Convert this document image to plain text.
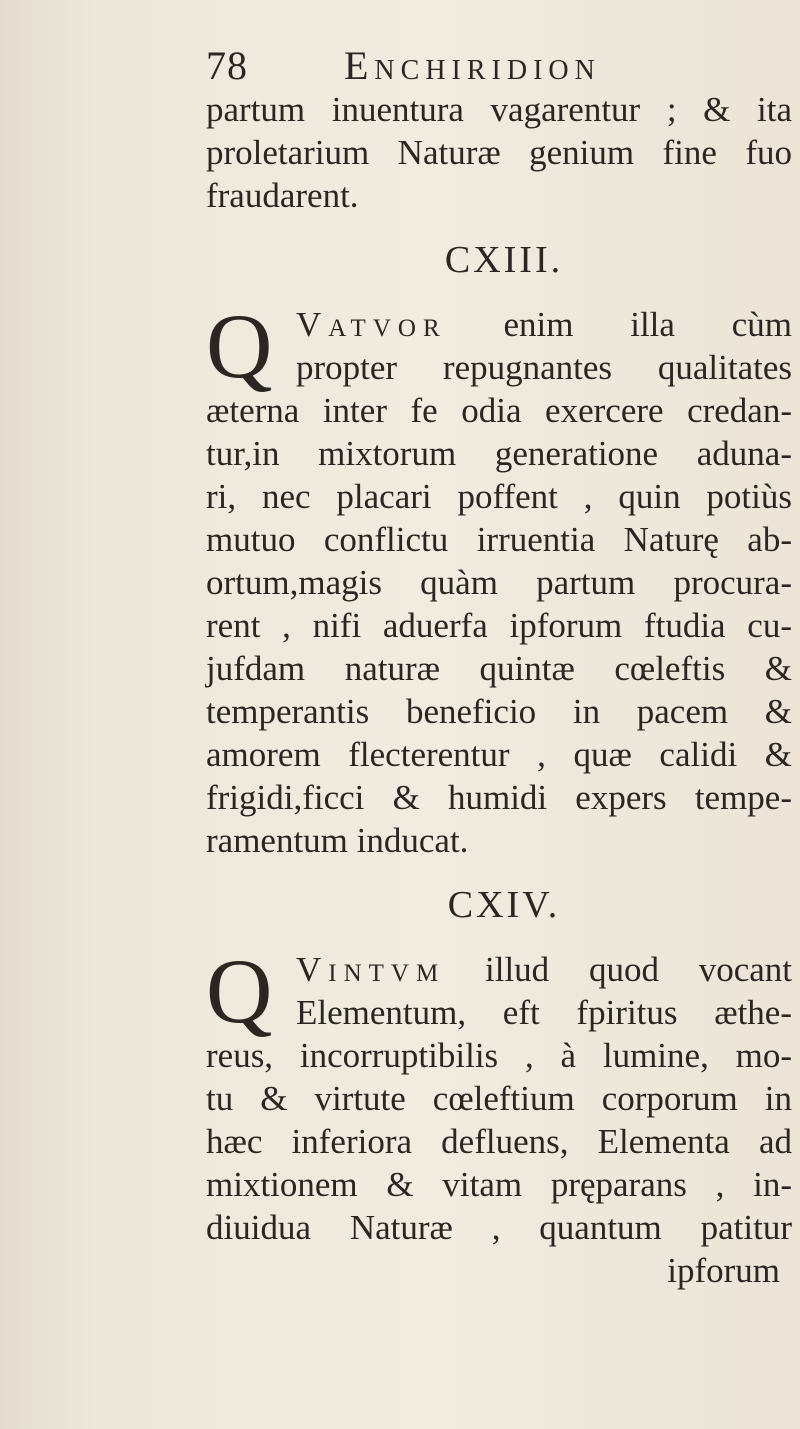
78 Enchiridion
partum inuentura vagarentur ; & ita
proletarium Naturæ genium fine fuo
fraudarent.
CXIII.
Q Vatvor enim illa cùm
propter repugnantes qualitates
æterna inter fe odia exercere credan-
tur,in mixtorum generatione aduna-
ri, nec placari poffent , quin potiùs
mutuo conflictu irruentia Naturę ab-
ortum,magis quàm partum procura-
rent , nifi aduerfa ipforum ftudia cu-
jufdam naturæ quintæ cœleftis &
temperantis beneficio in pacem &
amorem flecterentur , quæ calidi &
frigidi,ficci & humidi expers tempe-
ramentum inducat.
CXIV.
Q Vintvm illud quod vocant
Elementum, eft fpiritus æthe-
reus, incorruptibilis , à lumine, mo-
tu & virtute cœleftium corporum in
hæc inferiora defluens, Elementa ad
mixtionem & vitam pręparans , in-
diuidua Naturæ , quantum patitur
ipforum
